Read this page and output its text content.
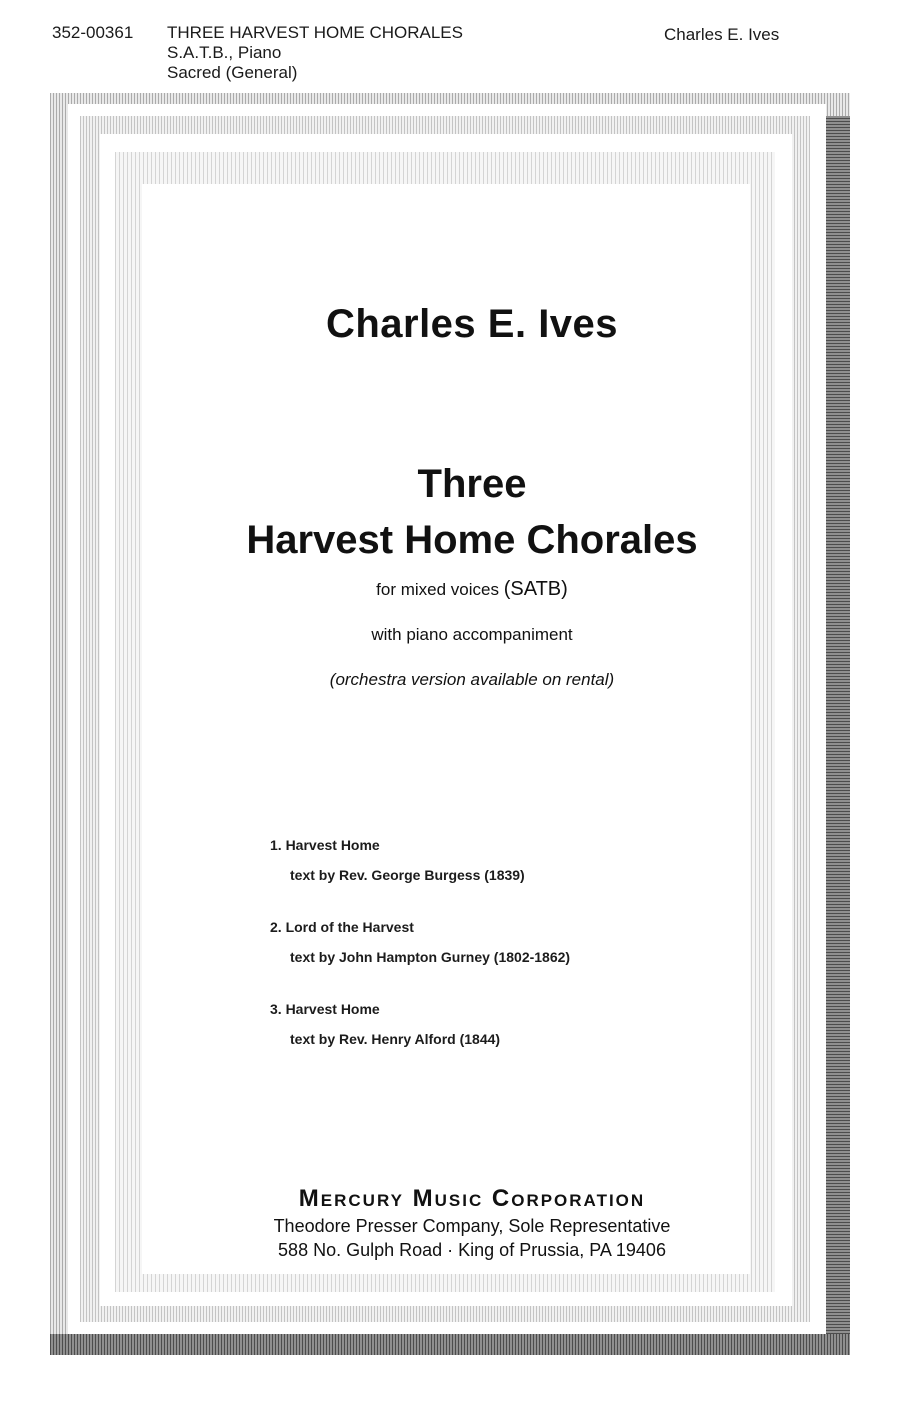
352-00361 THREE HARVEST HOME CHORALES
S.A.T.B., Piano
Sacred (General)
Charles E. Ives
Charles E. Ives
Three
Harvest Home Chorales
for mixed voices (SATB)
with piano accompaniment
(orchestra version available on rental)
1. Harvest Home
text by Rev. George Burgess (1839)
2. Lord of the Harvest
text by John Hampton Gurney (1802-1862)
3. Harvest Home
text by Rev. Henry Alford (1844)
Mercury Music Corporation
Theodore Presser Company, Sole Representative
588 No. Gulph Road · King of Prussia, PA 19406
